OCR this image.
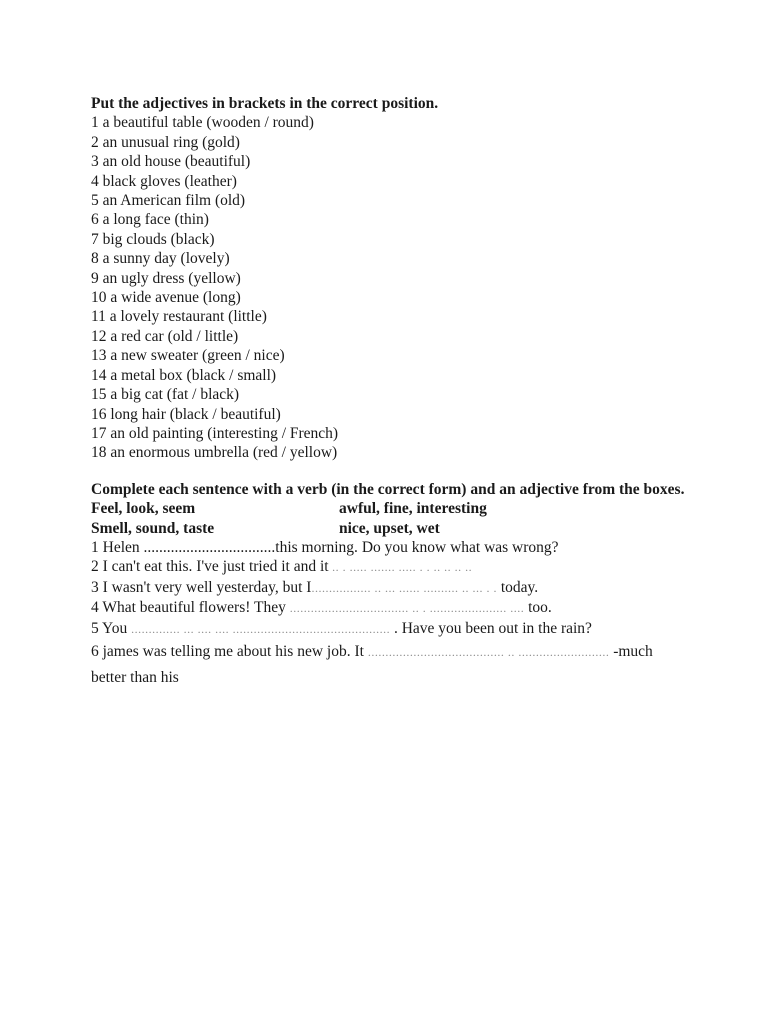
Put the adjectives in brackets in the correct position.

1 a beautiful table (wooden / round)

2 an unusual ring (gold)

3 an old house (beautiful)

4 black gloves (leather)

5 an American film (old)

6 a long face (thin)

7 big clouds (black)

8 a sunny day (lovely)

9 an ugly dress (yellow)

10 a wide avenue (long)

11 a lovely restaurant (little)

12 a red car (old / little)

13 a new sweater (green / nice)

14 a metal box (black / small)

15 a big cat (fat / black)

16 long hair (black / beautiful)

17 an old painting (interesting / French)

18 an enormous umbrella (red / yellow)

Complete each sentence with a verb (in the correct form) and an adjective from the boxes.

Feel, look, seem	awful, fine, interesting
Smell, sound, taste	nice, upset, wet

1 Helen ..................................this morning. Do you know what was wrong?

2 I can't eat this. I've just tried it and it .. . ..... ....... ..... . . .. .. .. ..

3 I wasn't very well yesterday, but I................. .. ... ...... .......... .. ... . . today.

4 What beautiful flowers! They .................................. .. . ...................... .... too.

5 You .............. ... .... .... ............................................. . Have you been out in the rain?

6 james was telling me about his new job. It ....................................... .. .......................... -much better than his
